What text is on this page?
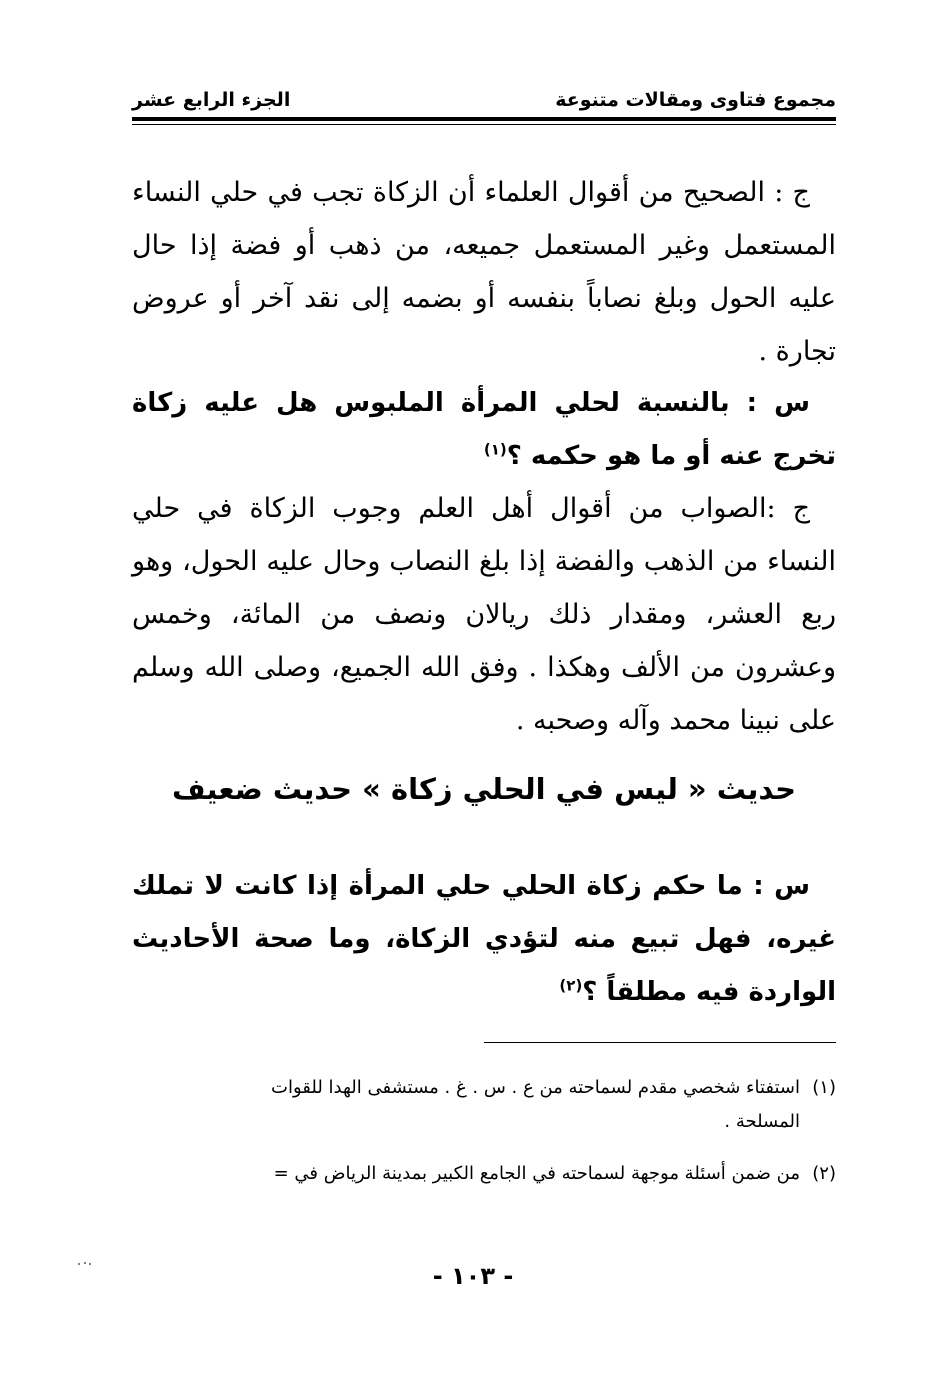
مجموع فتاوى ومقالات متنوعة
الجزء الرابع عشر

ج : الصحيح من أقوال العلماء أن الزكاة تجب في حلي النساء المستعمل وغير المستعمل جميعه، من ذهب أو فضة إذا حال عليه الحول وبلغ نصاباً بنفسه أو بضمه إلى نقد آخر أو عروض تجارة .

س : بالنسبة لحلي المرأة الملبوس هل عليه زكاة تخرج عنه أو ما هو حكمه ؟$^{(١)}$

ج :الصواب من أقوال أهل العلم وجوب الزكاة في حلي النساء من الذهب والفضة إذا بلغ النصاب وحال عليه الحول، وهو ربع العشر، ومقدار ذلك ريالان ونصف من المائة، وخمس وعشرون من الألف وهكذا . وفق الله الجميع، وصلى الله وسلم على نبينا محمد وآله وصحبه .

حديث « ليس في الحلي زكاة » حديث ضعيف

س : ما حكم زكاة الحلي حلي المرأة إذا كانت لا تملك غيره، فهل تبيع منه لتؤدي الزكاة، وما صحة الأحاديث الواردة فيه مطلقاً ؟$^{(٢)}$

(١)استفتاء شخصي مقدم لسماحته من ع . س . غ . مستشفى الهدا للقوات
المسلحة .
(٢)من ضمن أسئلة موجهة لسماحته في الجامع الكبير بمدينة الرياض في =
- ١٠٣ -
